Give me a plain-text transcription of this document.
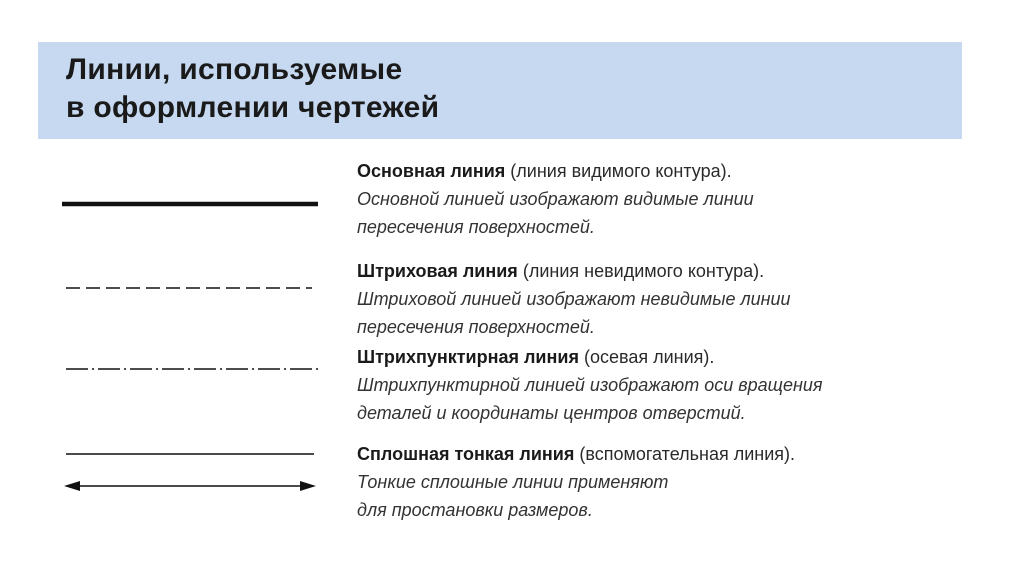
Линии, используемые
в оформлении чертежей
Основная линия (линия видимого контура).
Основной линией изображают видимые линии
пересечения поверхностей.
Штриховая линия (линия невидимого контура).
Штриховой линией изображают невидимые линии
пересечения поверхностей.
Штрихпунктирная линия (осевая линия).
Штрихпунктирной линией изображают оси вращения
деталей и координаты центров отверстий.
Сплошная тонкая линия (вспомогательная линия).
Тонкие сплошные линии применяют
для простановки размеров.
